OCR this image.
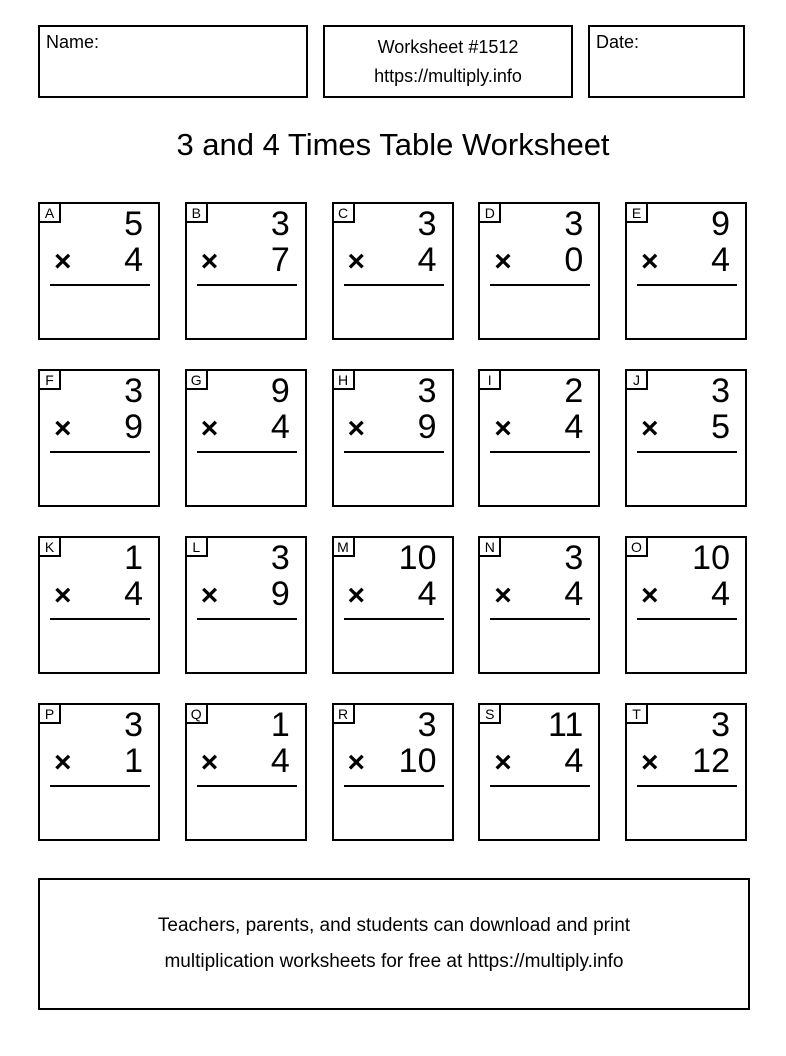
Name:	Worksheet #1512
https://multiply.info
Date:
3 and 4 Times Table Worksheet
A	5
× 4
B	3
× 7
C	3
× 4
D	3
× 0
E	9
× 4
F	3
× 9
G	9
× 4
H	3
× 9
I	2
× 4
J	3
× 5
K	1
× 4
L	3
× 9
M	10
× 4
N	3
× 4
O	10
× 4
P	3
× 1
Q	1
× 4
R	3
× 10
S	11
× 4
T	3
× 12
Teachers, parents, and students can download and print
multiplication worksheets for free at https://multiply.info
